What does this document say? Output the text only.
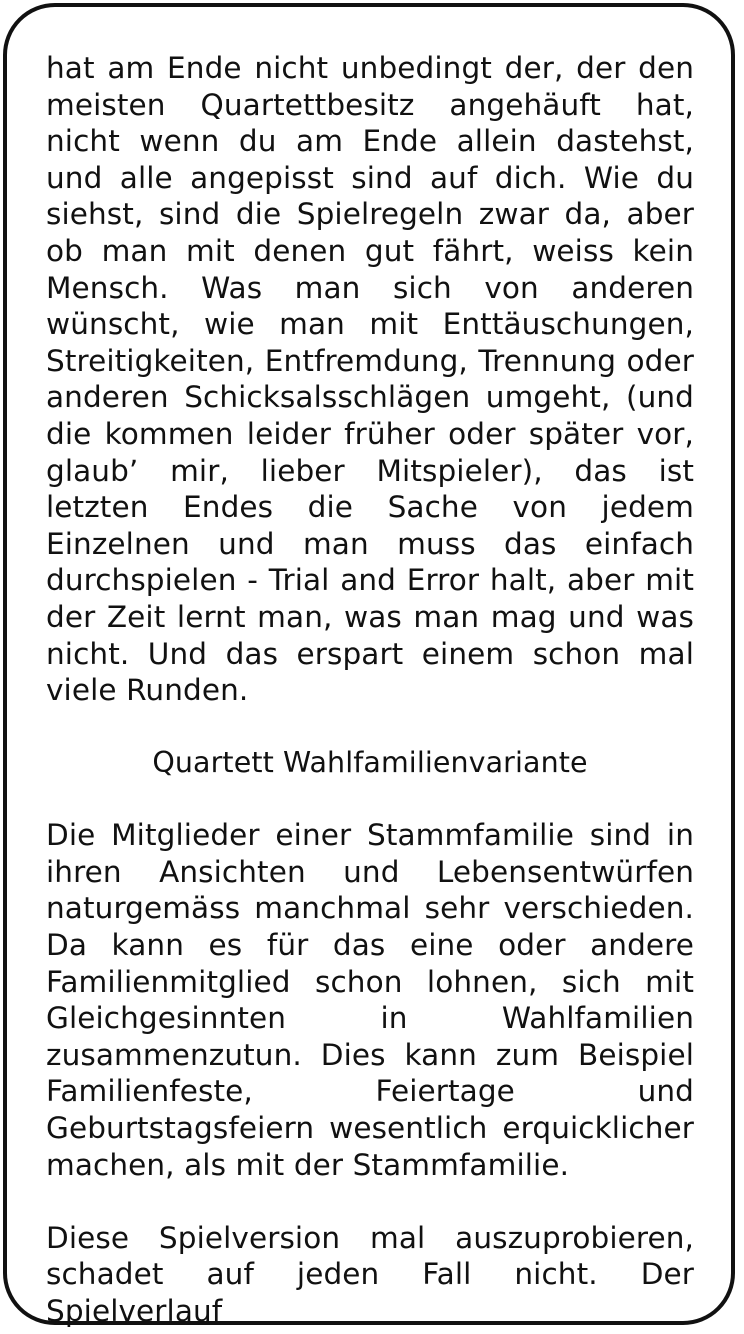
hat am Ende nicht unbedingt der, der den meisten Quartettbesitz angehäuft hat, nicht wenn du am Ende allein dastehst, und alle angepisst sind auf dich. Wie du siehst, sind die Spielregeln zwar da, aber ob man mit denen gut fährt, weiss kein Mensch. Was man sich von anderen wünscht, wie man mit Enttäuschungen, Streitigkeiten, Entfremdung, Trennung oder anderen Schicksalsschlägen umgeht, (und die kommen leider früher oder später vor, glaub’ mir, lieber Mitspieler), das ist letzten Endes die Sache von jedem Einzelnen und man muss das einfach durchspielen - Trial and Error halt, aber mit der Zeit lernt man, was man mag und was nicht. Und das erspart einem schon mal viele Runden.

Quartett Wahlfamilienvariante

Die Mitglieder einer Stammfamilie sind in ihren Ansichten und Lebensentwürfen naturgemäss manchmal sehr verschieden. Da kann es für das eine oder andere Familienmitglied schon lohnen, sich mit Gleichgesinnten in Wahlfamilien zusammenzutun. Dies kann zum Beispiel Familienfeste, Feiertage und Geburtstagsfeiern wesentlich erquicklicher machen, als mit der Stammfamilie.

Diese Spielversion mal auszuprobieren, schadet auf jeden Fall nicht. Der Spielverlauf
